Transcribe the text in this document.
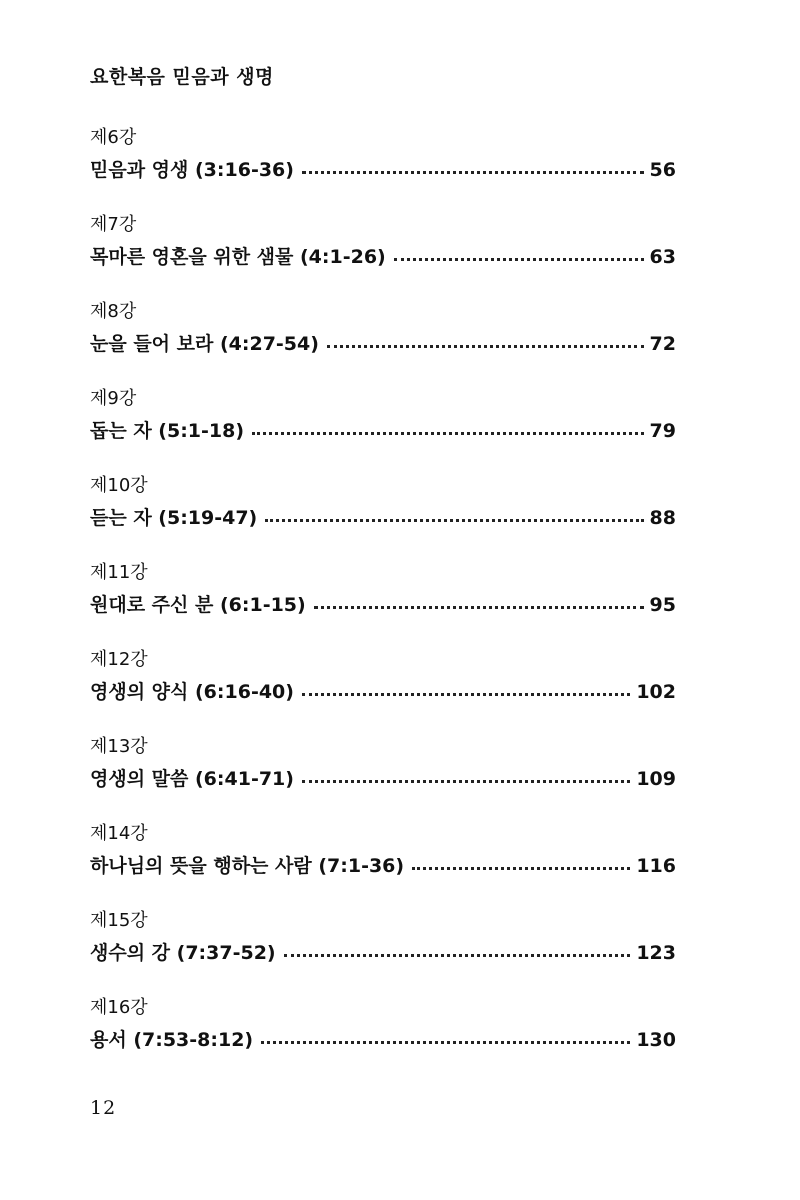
요한복음 믿음과 생명
제6강
믿음과 영생 (3:16-36)	56
제7강
목마른 영혼을 위한 샘물 (4:1-26)	63
제8강
눈을 들어 보라 (4:27-54)	72
제9강
돕는 자 (5:1-18)	79
제10강
듣는 자 (5:19-47)	88
제11강
원대로 주신 분 (6:1-15)	95
제12강
영생의 양식 (6:16-40)	102
제13강
영생의 말씀 (6:41-71)	109
제14강
하나님의 뜻을 행하는 사람 (7:1-36)	116
제15강
생수의 강 (7:37-52)	123
제16강
용서 (7:53-8:12)	130
12
